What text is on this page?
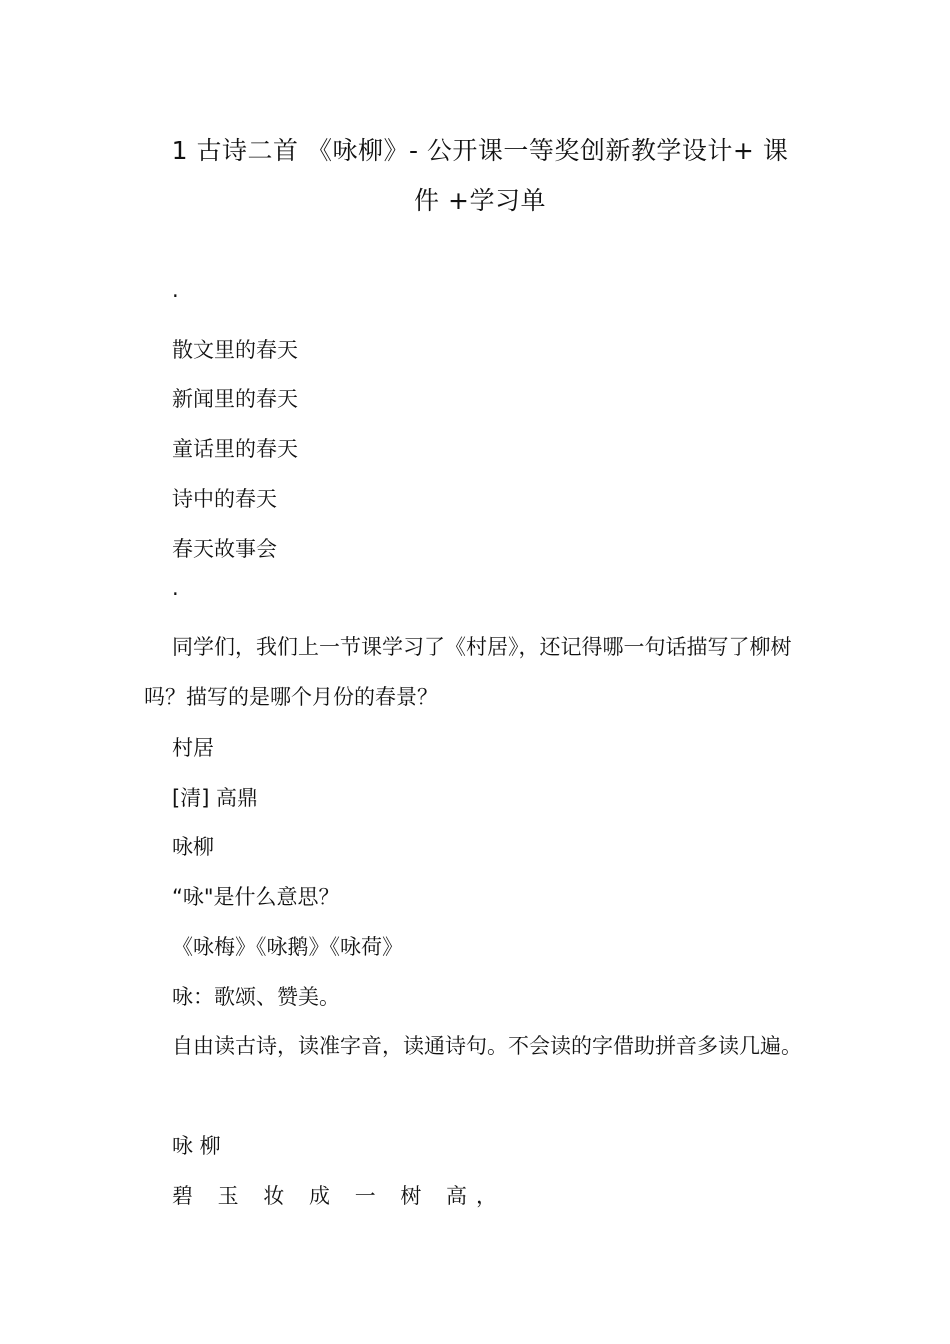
1 古诗二首 《咏柳》- 公开课一等奖创新教学设计+ 课
件 +学习单
·
散文里的春天
新闻里的春天
童话里的春天
诗中的春天
春天故事会
·
同学们，我们上一节课学习了《村居》，还记得哪一句话描写了柳树吗？描写的是哪个月份的春景？
村居
[清] 高鼎
咏柳
“咏"是什么意思？
《咏梅》《咏鹅》《咏荷》
咏：歌颂、赞美。
自由读古诗，读准字音，读通诗句。不会读的字借助拼音多读几遍。
咏 柳
碧 玉 妆 成 一 树 高，
